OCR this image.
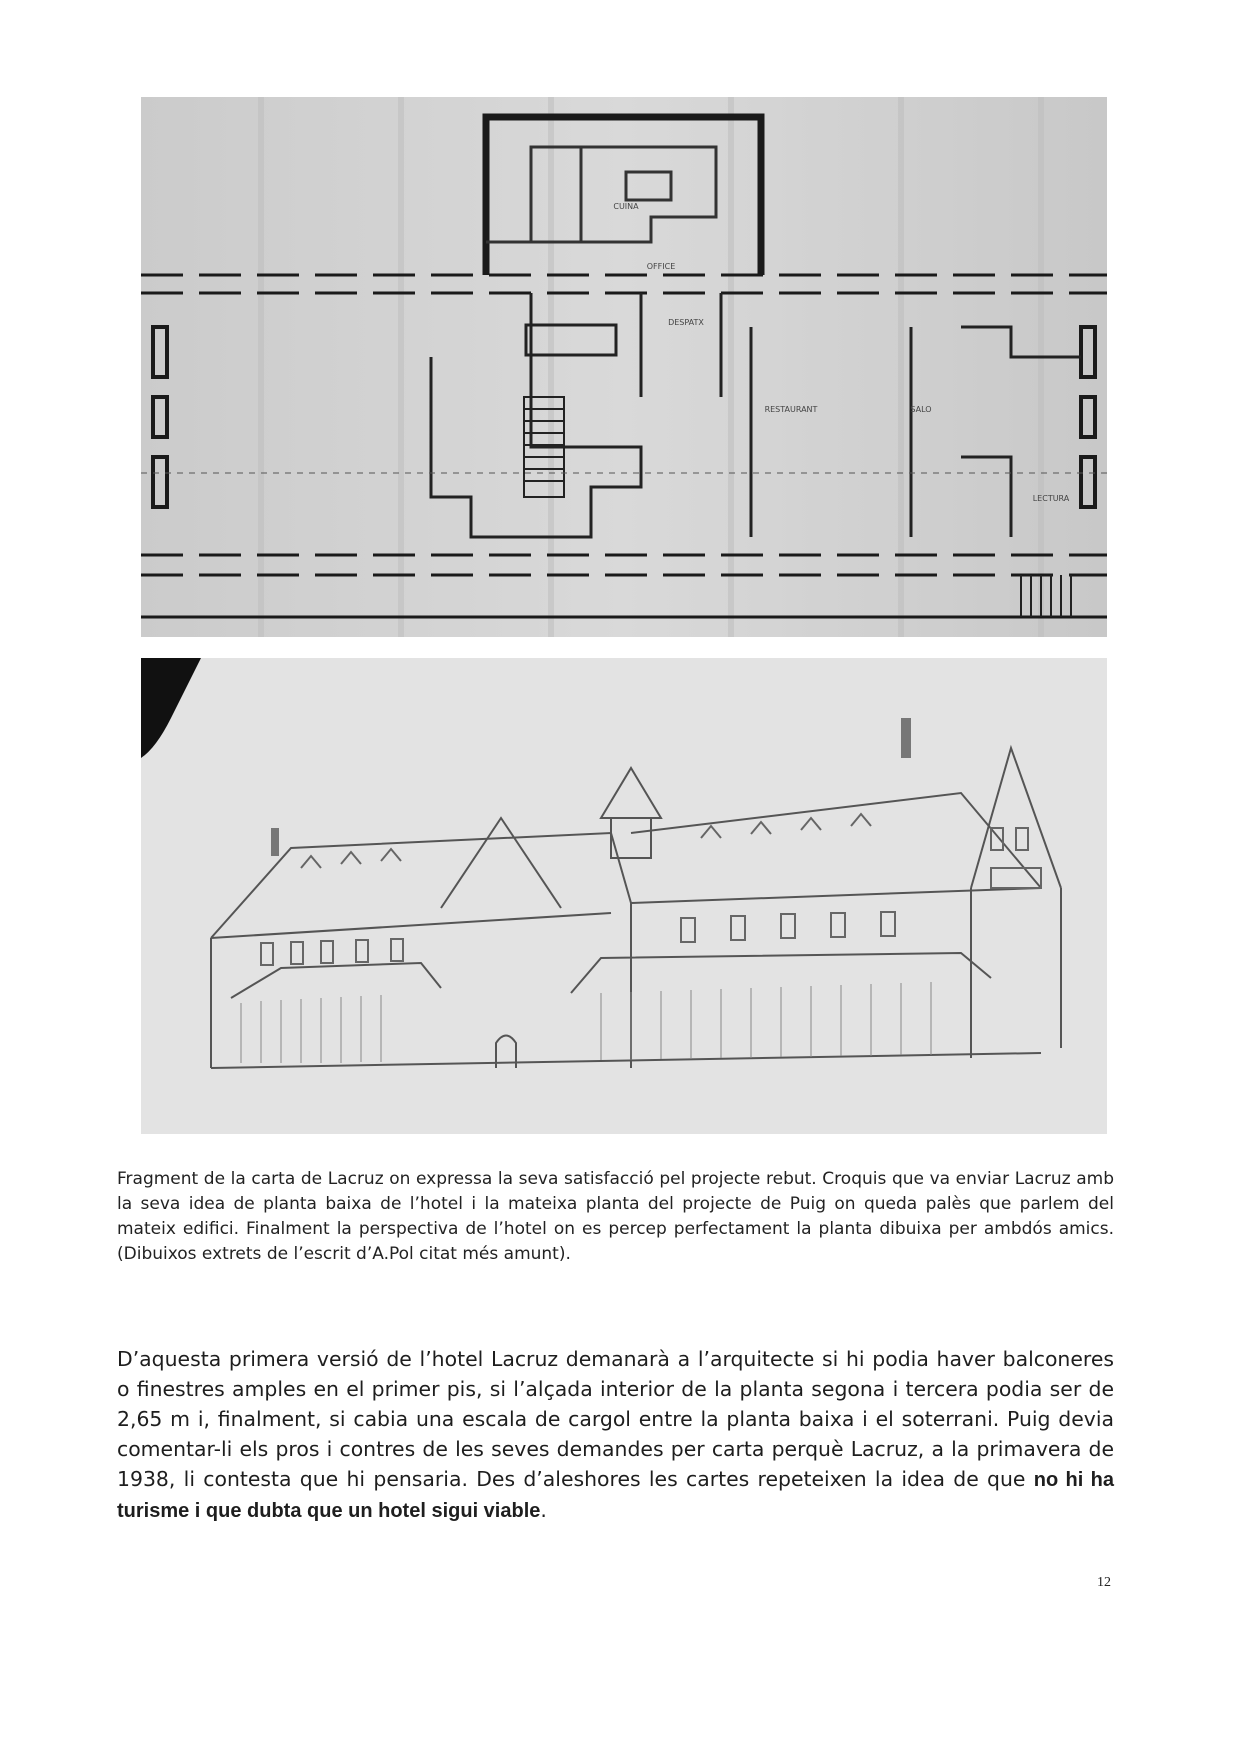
CUINA
OFFICE
DESPATX
RESTAURANT	SALO
LECTURA
Fragment de la carta de Lacruz on expressa la seva satisfacció pel projecte rebut. Croquis que va enviar Lacruz amb la seva idea de planta baixa de l’hotel i la mateixa planta del projecte de Puig on queda palès que parlem del mateix edifici. Finalment la perspectiva de l’hotel on es percep perfectament la planta dibuixa per ambdós amics. (Dibuixos extrets de l’escrit d’A.Pol citat més amunt).
D’aquesta primera versió de l’hotel Lacruz demanarà a l’arquitecte si hi podia haver balconeres o finestres amples en el primer pis, si l’alçada interior de la planta segona i tercera podia ser de 2,65 m i, finalment, si cabia una escala de cargol entre la planta baixa i el soterrani. Puig devia comentar-li els pros i contres de les seves demandes per carta perquè Lacruz, a la primavera de 1938, li contesta que hi pensaria. Des d’aleshores les cartes repeteixen la idea de que no hi ha turisme i que dubta que un hotel sigui viable.
12
